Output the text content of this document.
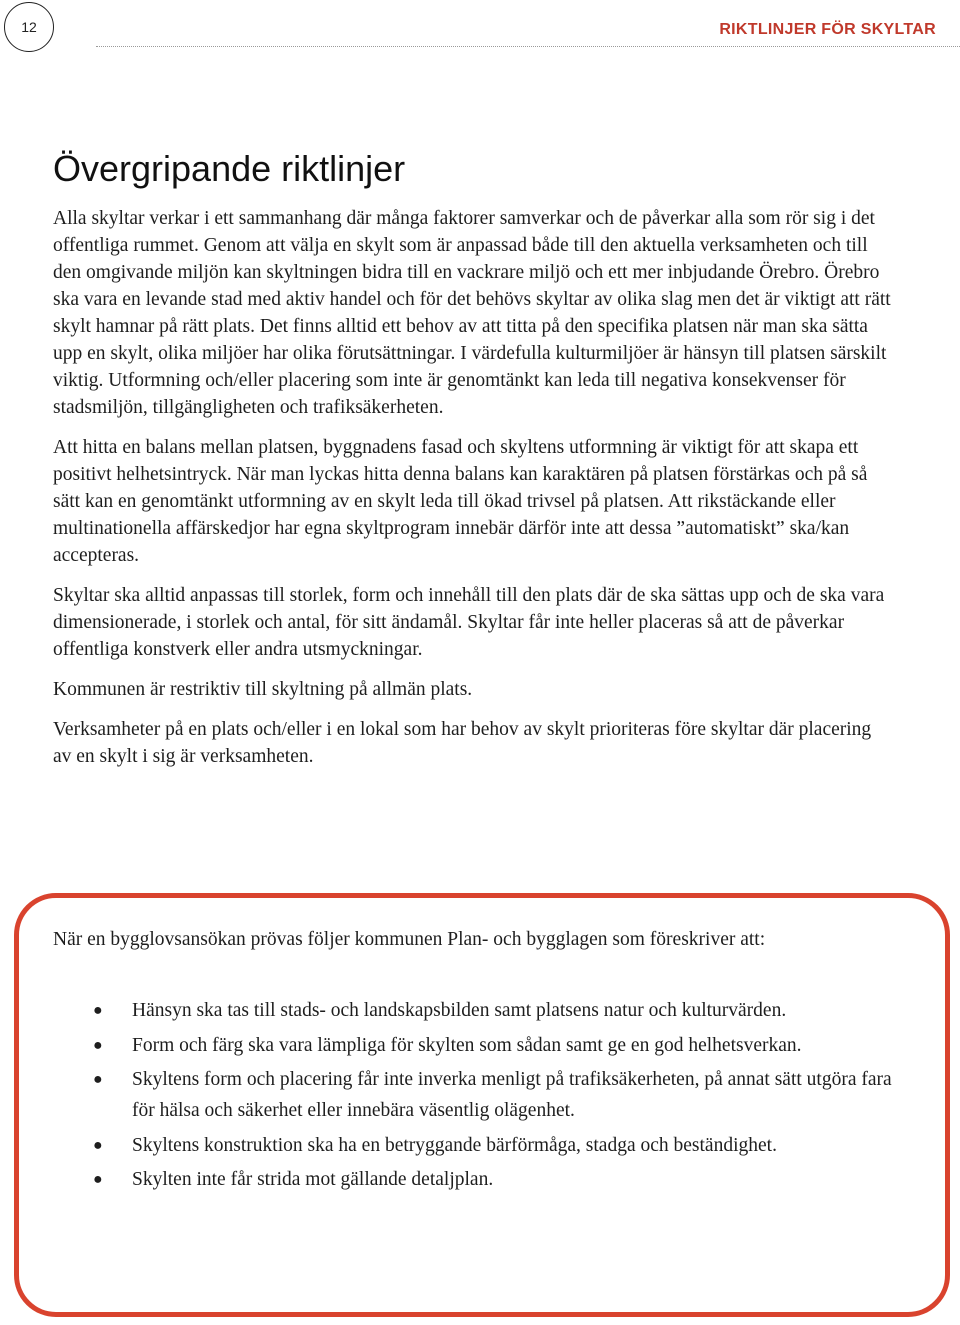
12	RIKTLINJER FÖR SKYLTAR
Övergripande riktlinjer

Alla skyltar verkar i ett sammanhang där många faktorer samverkar och de påverkar alla som rör sig i det offentliga rummet. Genom att välja en skylt som är anpassad både till den aktuella verksamheten och till den omgivande miljön kan skyltningen bidra till en vackrare miljö och ett mer inbjudande Örebro. Örebro ska vara en levande stad med aktiv handel och för det behövs skyltar av olika slag men det är viktigt att rätt skylt hamnar på rätt plats. Det finns alltid ett behov av att titta på den specifika platsen när man ska sätta upp en skylt, olika miljöer har olika förutsättningar. I värdefulla kulturmiljöer är hänsyn till platsen särskilt viktig. Utformning och/eller placering som inte är genomtänkt kan leda till negativa konsekvenser för stadsmiljön, tillgängligheten och trafiksäkerheten.

Att hitta en balans mellan platsen, byggnadens fasad och skyltens utformning är viktigt för att skapa ett positivt helhetsintryck. När man lyckas hitta denna balans kan karaktären på platsen förstärkas och på så sätt kan en genomtänkt utformning av en skylt leda till ökad trivsel på platsen. Att rikstäckande eller multinationella affärskedjor har egna skyltprogram innebär därför inte att dessa ”automatiskt” ska/kan accepteras.

Skyltar ska alltid anpassas till storlek, form och innehåll till den plats där de ska sättas upp och de ska vara dimensionerade, i storlek och antal, för sitt ändamål. Skyltar får inte heller placeras så att de påverkar offentliga konstverk eller andra utsmyckningar.

Kommunen är restriktiv till skyltning på allmän plats.

Verksamheter på en plats och/eller i en lokal som har behov av skylt prioriteras före skyltar där placering av en skylt i sig är verksamheten.

När en bygglovsansökan prövas följer kommunen Plan- och bygglagen som föreskriver att:

● Hänsyn ska tas till stads- och landskapsbilden samt platsens natur och kulturvärden.
● Form och färg ska vara lämpliga för skylten som sådan samt ge en god helhetsverkan.
● Skyltens form och placering får inte inverka menligt på trafiksäkerheten, på annat sätt utgöra fara för hälsa och säkerhet eller innebära väsentlig olägenhet.
● Skyltens konstruktion ska ha en betryggande bärförmåga, stadga och beständighet.
● Skylten inte får strida mot gällande detaljplan.
